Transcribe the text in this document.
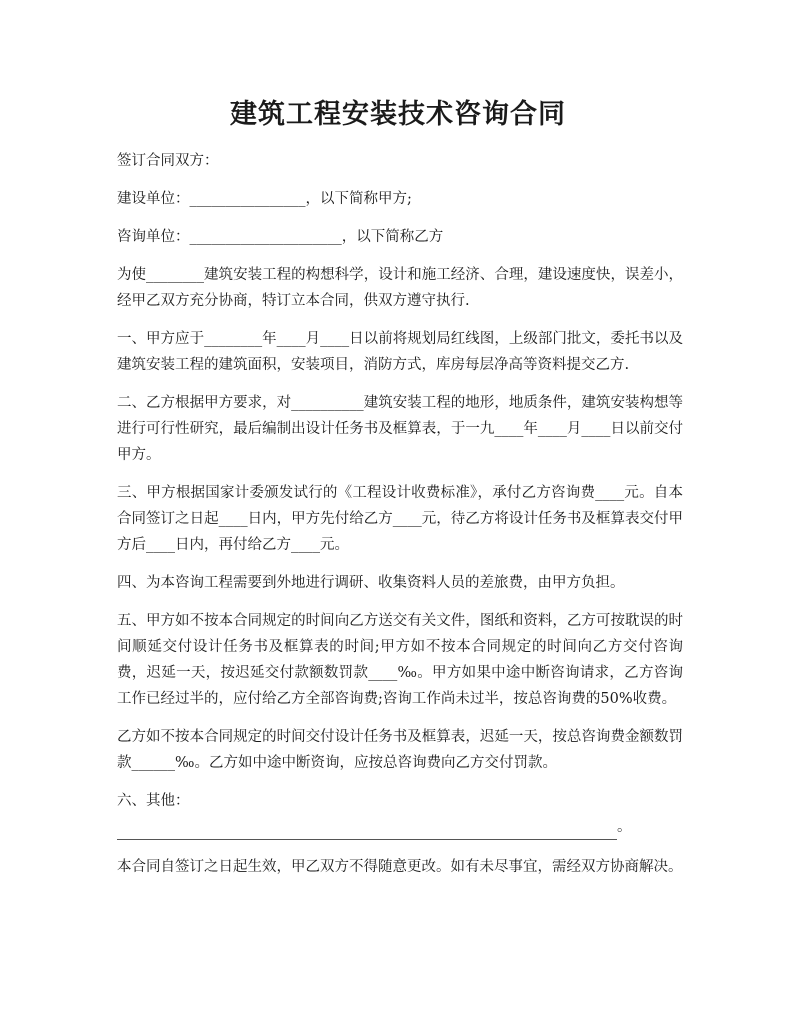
建筑工程安装技术咨询合同

签订合同双方：

建设单位：________________，以下简称甲方;

咨询单位：_____________________，以下简称乙方

为使________建筑安装工程的构想科学，设计和施工经济、合理，建设速度快，误差小，经甲乙双方充分协商，特订立本合同，供双方遵守执行.

一、甲方应于________年____月____日以前将规划局红线图，上级部门批文，委托书以及建筑安装工程的建筑面积，安装项目，消防方式，库房每层净高等资料提交乙方.

二、乙方根据甲方要求，对__________建筑安装工程的地形，地质条件，建筑安装构想等进行可行性研究，最后编制出设计任务书及框算表，于一九____年____月____日以前交付甲方。

三、甲方根据国家计委颁发试行的《工程设计收费标准》，承付乙方咨询费____元。自本合同签订之日起____日内，甲方先付给乙方____元，待乙方将设计任务书及框算表交付甲方后____日内，再付给乙方____元。

四、为本咨询工程需要到外地进行调研、收集资料人员的差旅费，由甲方负担。

五、甲方如不按本合同规定的时间向乙方送交有关文件，图纸和资料，乙方可按耽误的时间顺延交付设计任务书及框算表的时间;甲方如不按本合同规定的时间向乙方交付咨询费，迟延一天，按迟延交付款额数罚款____‰。甲方如果中途中断咨询请求，乙方咨询工作已经过半的，应付给乙方全部咨询费;咨询工作尚未过半，按总咨询费的50%收费。

乙方如不按本合同规定的时间交付设计任务书及框算表，迟延一天，按总咨询费金额数罚款______‰。乙方如中途中断资询，应按总咨询费向乙方交付罚款。

六、其他：

。

本合同自签订之日起生效，甲乙双方不得随意更改。如有未尽事宜，需经双方协商解决。
